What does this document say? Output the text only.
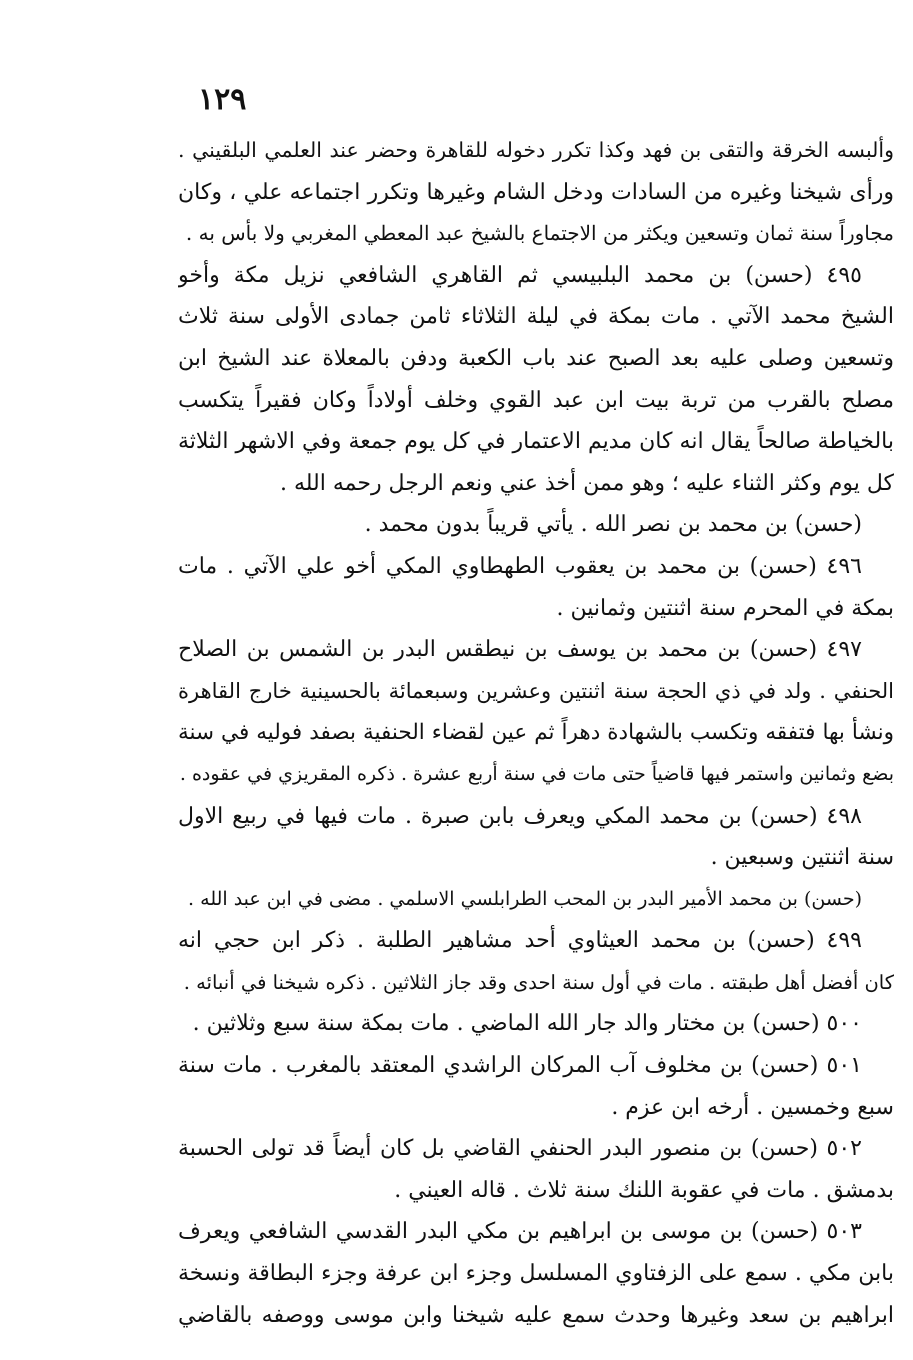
١٢٩
وألبسه الخرقة والتقى بن فهد وكذا تكرر دخوله للقاهرة وحضر عند العلمي البلقيني .
ورأى شيخنا وغيره من السادات ودخل الشام وغيرها وتكرر اجتماعه علي ، وكان
مجاوراً سنة ثمان وتسعين ويكثر من الاجتماع بالشيخ عبد المعطي المغربي ولا بأس به .
٤٩٥ (حسن) بن محمد البلبيسي ثم القاهري الشافعي نزيل مكة وأخو
الشيخ محمد الآتي . مات بمكة في ليلة الثلاثاء ثامن جمادى الأولى سنة ثلاث
وتسعين وصلى عليه بعد الصبح عند باب الكعبة ودفن بالمعلاة عند الشيخ ابن
مصلح بالقرب من تربة بيت ابن عبد القوي وخلف أولاداً وكان فقيراً يتكسب
بالخياطة صالحاً يقال انه كان مديم الاعتمار في كل يوم جمعة وفي الاشهر الثلاثة
كل يوم وكثر الثناء عليه ؛ وهو ممن أخذ عني ونعم الرجل رحمه الله .
(حسن) بن محمد بن نصر الله . يأتي قريباً بدون محمد .
٤٩٦ (حسن) بن محمد بن يعقوب الطهطاوي المكي أخو علي الآتي . مات
بمكة في المحرم سنة اثنتين وثمانين .
٤٩٧ (حسن) بن محمد بن يوسف بن نيطقس البدر بن الشمس بن الصلاح
الحنفي . ولد في ذي الحجة سنة اثنتين وعشرين وسبعمائة بالحسينية خارج القاهرة
ونشأ بها فتفقه وتكسب بالشهادة دهراً ثم عين لقضاء الحنفية بصفد فوليه في سنة
بضع وثمانين واستمر فيها قاضياً حتى مات في سنة أربع عشرة . ذكره المقريزي في عقوده .
٤٩٨ (حسن) بن محمد المكي ويعرف بابن صبرة . مات فيها في ربيع الاول
سنة اثنتين وسبعين .
(حسن) بن محمد الأمير البدر بن المحب الطرابلسي الاسلمي . مضى في ابن عبد الله .
٤٩٩ (حسن) بن محمد العيثاوي أحد مشاهير الطلبة . ذكر ابن حجي انه
كان أفضل أهل طبقته . مات في أول سنة احدى وقد جاز الثلاثين . ذكره شيخنا في أنبائه .
٥٠٠ (حسن) بن مختار والد جار الله الماضي . مات بمكة سنة سبع وثلاثين .
٥٠١ (حسن) بن مخلوف آب المركان الراشدي المعتقد بالمغرب . مات سنة
سبع وخمسين . أرخه ابن عزم .
٥٠٢ (حسن) بن منصور البدر الحنفي القاضي بل كان أيضاً قد تولى الحسبة
بدمشق . مات في عقوبة اللنك سنة ثلاث . قاله العيني .
٥٠٣ (حسن) بن موسى بن ابراهيم بن مكي البدر القدسي الشافعي ويعرف
بابن مكي . سمع على الزفتاوي المسلسل وجزء ابن عرفة وجزء البطاقة ونسخة
ابراهيم بن سعد وغيرها وحدث سمع عليه شيخنا وابن موسى ووصفه بالقاضي
